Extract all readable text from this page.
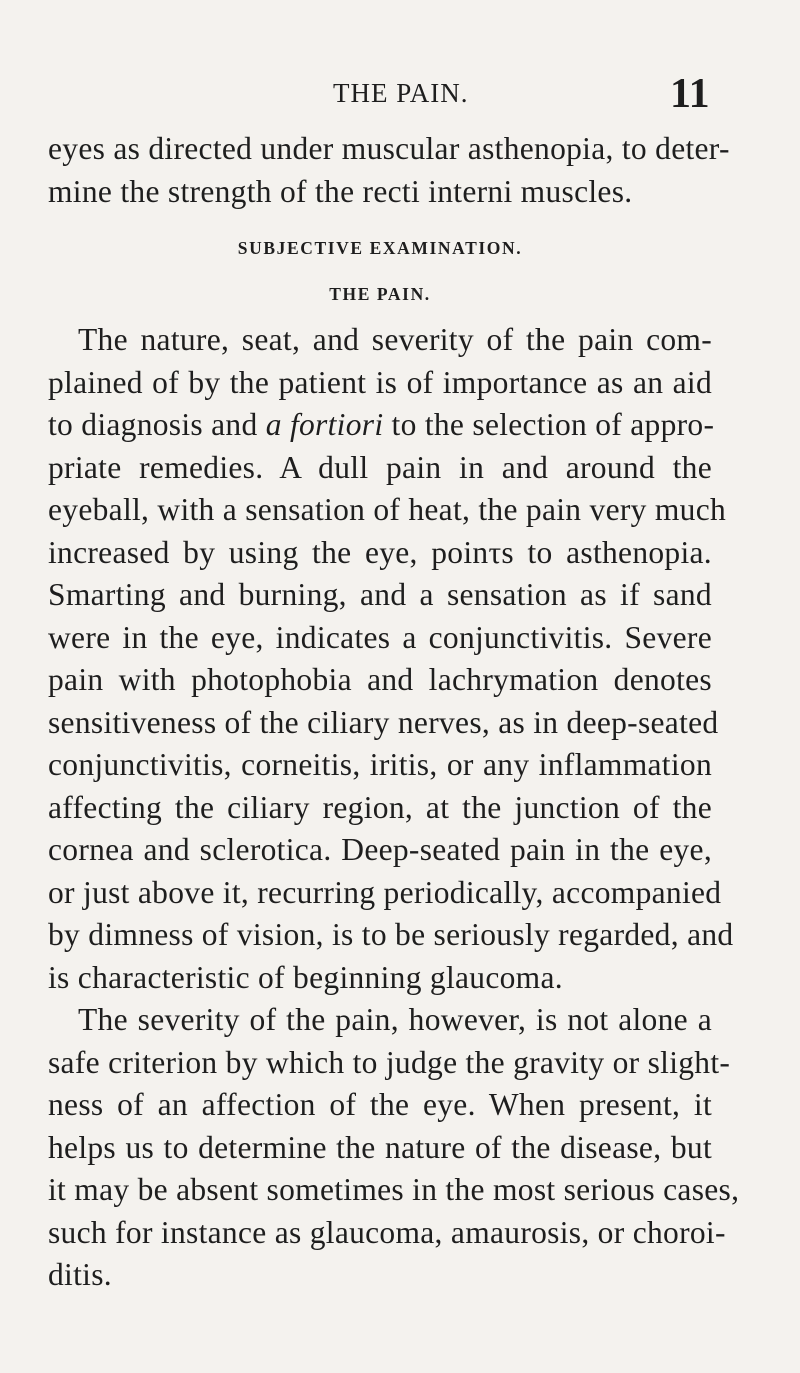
THE PAIN.	11
eyes as directed under muscular asthenopia, to deter-
mine the strength of the recti interni muscles.
SUBJECTIVE EXAMINATION.
THE PAIN.
The nature, seat, and severity of the pain com-
plained of by the patient is of importance as an aid
to diagnosis and a fortiori to the selection of appro-
priate remedies. A dull pain in and around the
eyeball, with a sensation of heat, the pain very much
increased by using the eye, poinτs to asthenopia.
Smarting and burning, and a sensation as if sand
were in the eye, indicates a conjunctivitis. Severe
pain with photophobia and lachrymation denotes
sensitiveness of the ciliary nerves, as in deep-seated
conjunctivitis, corneitis, iritis, or any inflammation
affecting the ciliary region, at the junction of the
cornea and sclerotica. Deep-seated pain in the eye,
or just above it, recurring periodically, accompanied
by dimness of vision, is to be seriously regarded, and
is characteristic of beginning glaucoma.
The severity of the pain, however, is not alone a
safe criterion by which to judge the gravity or slight-
ness of an affection of the eye. When present, it
helps us to determine the nature of the disease, but
it may be absent sometimes in the most serious cases,
such for instance as glaucoma, amaurosis, or choroi-
ditis.
